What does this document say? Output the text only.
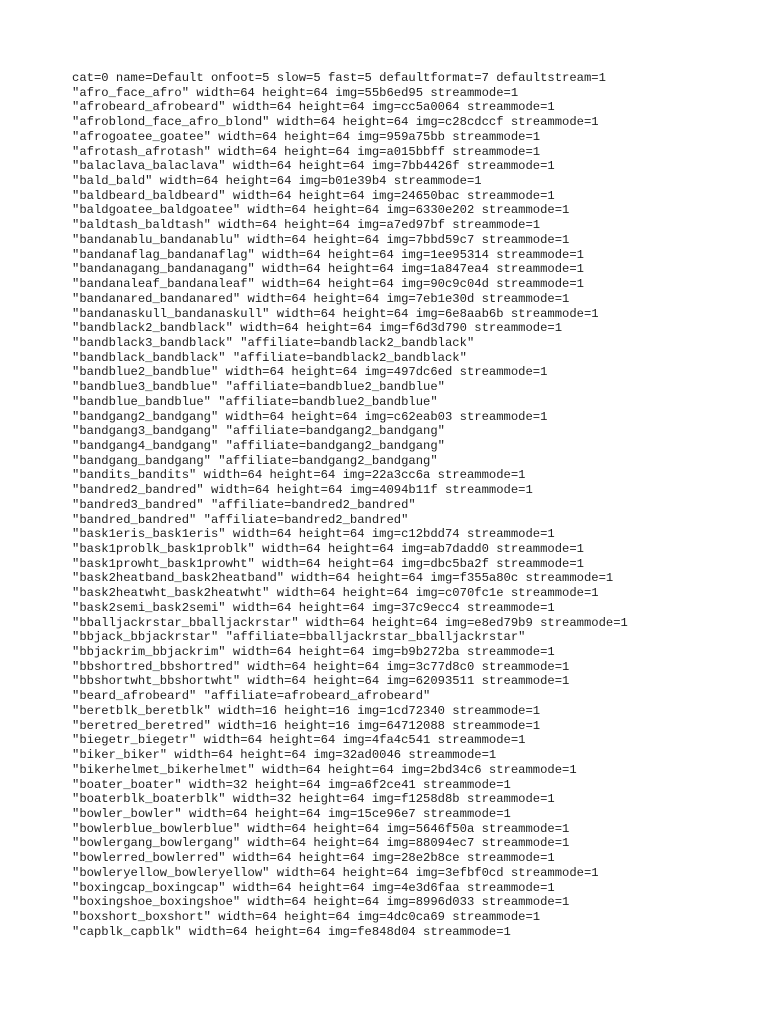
cat=0 name=Default onfoot=5 slow=5 fast=5 defaultformat=7 defaultstream=1
"afro_face_afro" width=64 height=64 img=55b6ed95 streammode=1
"afrobeard_afrobeard" width=64 height=64 img=cc5a0064 streammode=1
"afroblond_face_afro_blond" width=64 height=64 img=c28cdccf streammode=1
"afrogoatee_goatee" width=64 height=64 img=959a75bb streammode=1
"afrotash_afrotash" width=64 height=64 img=a015bbff streammode=1
"balaclava_balaclava" width=64 height=64 img=7bb4426f streammode=1
"bald_bald" width=64 height=64 img=b01e39b4 streammode=1
"baldbeard_baldbeard" width=64 height=64 img=24650bac streammode=1
"baldgoatee_baldgoatee" width=64 height=64 img=6330e202 streammode=1
"baldtash_baldtash" width=64 height=64 img=a7ed97bf streammode=1
"bandanablu_bandanablu" width=64 height=64 img=7bbd59c7 streammode=1
"bandanaflag_bandanaflag" width=64 height=64 img=1ee95314 streammode=1
"bandanagang_bandanagang" width=64 height=64 img=1a847ea4 streammode=1
"bandanaleaf_bandanaleaf" width=64 height=64 img=90c9c04d streammode=1
"bandanared_bandanared" width=64 height=64 img=7eb1e30d streammode=1
"bandanaskull_bandanaskull" width=64 height=64 img=6e8aab6b streammode=1
"bandblack2_bandblack" width=64 height=64 img=f6d3d790 streammode=1
"bandblack3_bandblack" "affiliate=bandblack2_bandblack"
"bandblack_bandblack" "affiliate=bandblack2_bandblack"
"bandblue2_bandblue" width=64 height=64 img=497dc6ed streammode=1
"bandblue3_bandblue" "affiliate=bandblue2_bandblue"
"bandblue_bandblue" "affiliate=bandblue2_bandblue"
"bandgang2_bandgang" width=64 height=64 img=c62eab03 streammode=1
"bandgang3_bandgang" "affiliate=bandgang2_bandgang"
"bandgang4_bandgang" "affiliate=bandgang2_bandgang"
"bandgang_bandgang" "affiliate=bandgang2_bandgang"
"bandits_bandits" width=64 height=64 img=22a3cc6a streammode=1
"bandred2_bandred" width=64 height=64 img=4094b11f streammode=1
"bandred3_bandred" "affiliate=bandred2_bandred"
"bandred_bandred" "affiliate=bandred2_bandred"
"bask1eris_bask1eris" width=64 height=64 img=c12bdd74 streammode=1
"bask1problk_bask1problk" width=64 height=64 img=ab7dadd0 streammode=1
"bask1prowht_bask1prowht" width=64 height=64 img=dbc5ba2f streammode=1
"bask2heatband_bask2heatband" width=64 height=64 img=f355a80c streammode=1
"bask2heatwht_bask2heatwht" width=64 height=64 img=c070fc1e streammode=1
"bask2semi_bask2semi" width=64 height=64 img=37c9ecc4 streammode=1
"bballjackrstar_bballjackrstar" width=64 height=64 img=e8ed79b9 streammode=1
"bbjack_bbjackrstar" "affiliate=bballjackrstar_bballjackrstar"
"bbjackrim_bbjackrim" width=64 height=64 img=b9b272ba streammode=1
"bbshortred_bbshortred" width=64 height=64 img=3c77d8c0 streammode=1
"bbshortwht_bbshortwht" width=64 height=64 img=62093511 streammode=1
"beard_afrobeard" "affiliate=afrobeard_afrobeard"
"beretblk_beretblk" width=16 height=16 img=1cd72340 streammode=1
"beretred_beretred" width=16 height=16 img=64712088 streammode=1
"biegetr_biegetr" width=64 height=64 img=4fa4c541 streammode=1
"biker_biker" width=64 height=64 img=32ad0046 streammode=1
"bikerhelmet_bikerhelmet" width=64 height=64 img=2bd34c6 streammode=1
"boater_boater" width=32 height=64 img=a6f2ce41 streammode=1
"boaterblk_boaterblk" width=32 height=64 img=f1258d8b streammode=1
"bowler_bowler" width=64 height=64 img=15ce96e7 streammode=1
"bowlerblue_bowlerblue" width=64 height=64 img=5646f50a streammode=1
"bowlergang_bowlergang" width=64 height=64 img=88094ec7 streammode=1
"bowlerred_bowlerred" width=64 height=64 img=28e2b8ce streammode=1
"bowleryellow_bowleryellow" width=64 height=64 img=3efbf0cd streammode=1
"boxingcap_boxingcap" width=64 height=64 img=4e3d6faa streammode=1
"boxingshoe_boxingshoe" width=64 height=64 img=8996d033 streammode=1
"boxshort_boxshort" width=64 height=64 img=4dc0ca69 streammode=1
"capblk_capblk" width=64 height=64 img=fe848d04 streammode=1
